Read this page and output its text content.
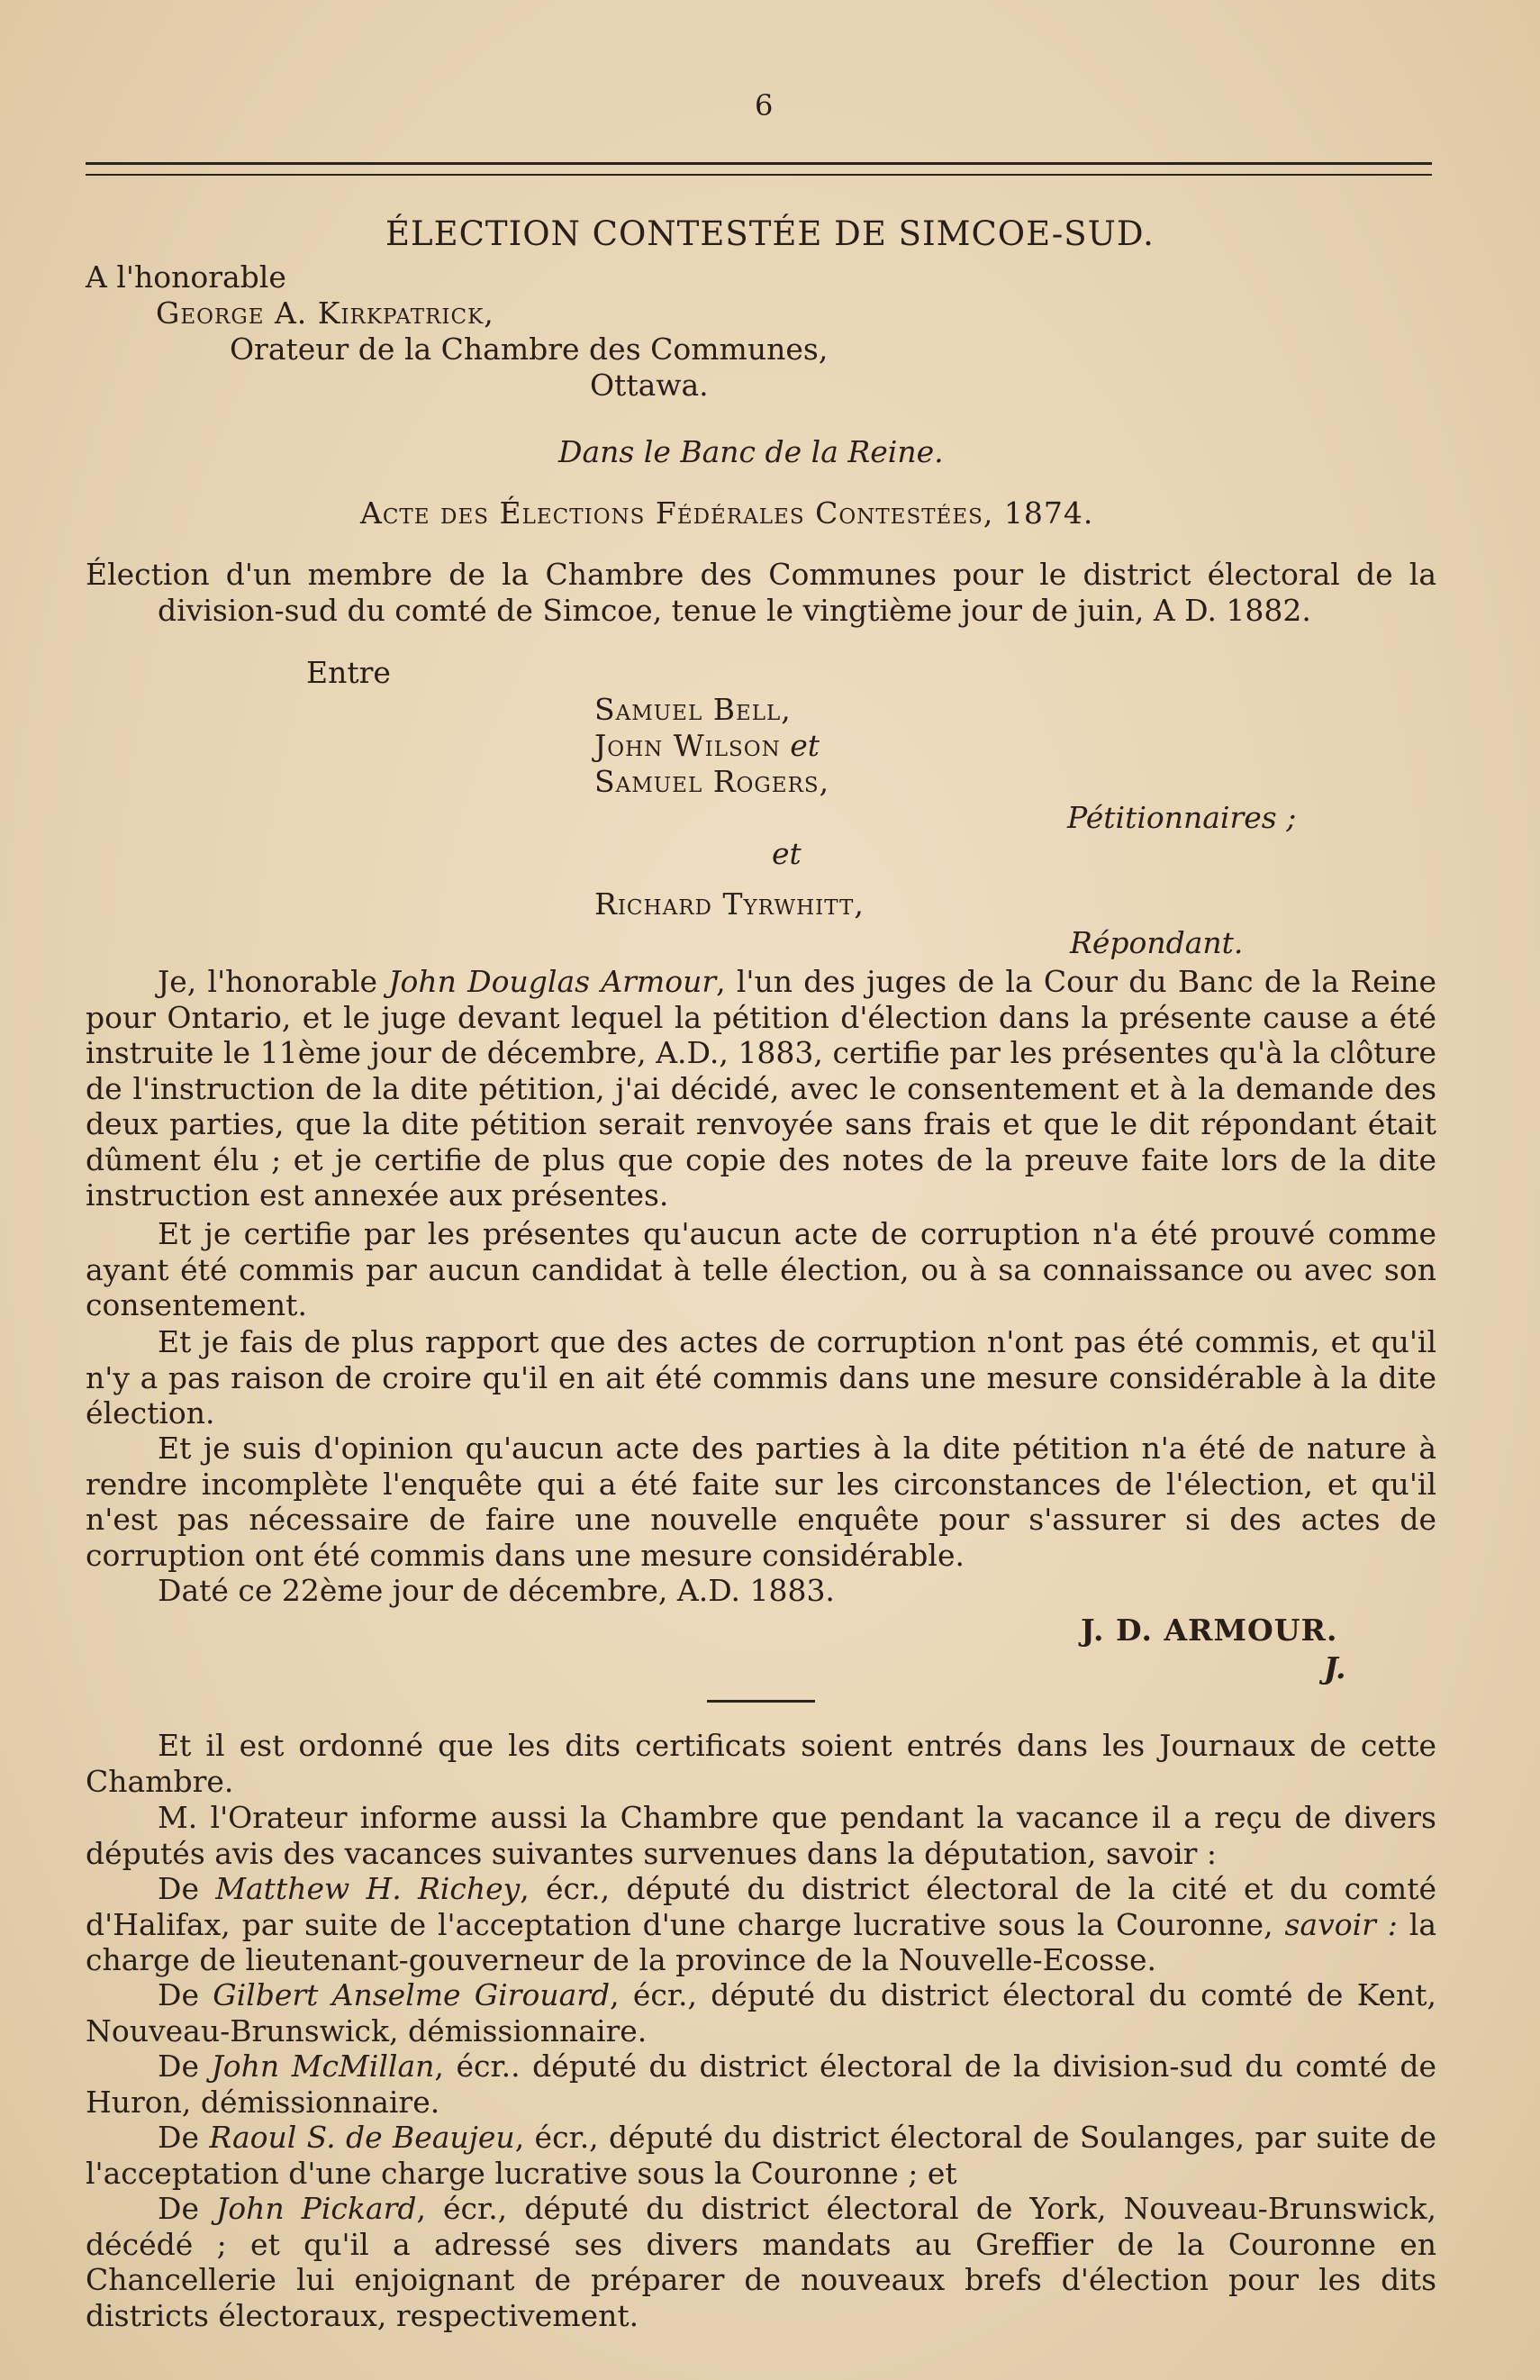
6
ÉLECTION CONTESTÉE DE SIMCOE-SUD.
A l'honorable
George A. Kirkpatrick,
Orateur de la Chambre des Communes,
Ottawa.
Dans le Banc de la Reine.
Acte des Élections Fédérales Contestées, 1874.
Élection d'un membre de la Chambre des Communes pour le district électoral de la division-sud du comté de Simcoe, tenue le vingtième jour de juin, A D. 1882.
Entre
Samuel Bell,
John Wilson et
Samuel Rogers,
Pétitionnaires ;
et
Richard Tyrwhitt,
Répondant.
Je, l'honorable John Douglas Armour, l'un des juges de la Cour du Banc de la Reine pour Ontario, et le juge devant lequel la pétition d'élection dans la présente cause a été instruite le 11ème jour de décembre, A.D., 1883, certifie par les présentes qu'à la clôture de l'instruction de la dite pétition, j'ai décidé, avec le consentement et à la demande des deux parties, que la dite pétition serait renvoyée sans frais et que le dit répondant était dûment élu ; et je certifie de plus que copie des notes de la preuve faite lors de la dite instruction est annexée aux présentes.
Et je certifie par les présentes qu'aucun acte de corruption n'a été prouvé comme ayant été commis par aucun candidat à telle élection, ou à sa connaissance ou avec son consentement.
Et je fais de plus rapport que des actes de corruption n'ont pas été commis, et qu'il n'y a pas raison de croire qu'il en ait été commis dans une mesure considérable à la dite élection.
Et je suis d'opinion qu'aucun acte des parties à la dite pétition n'a été de nature à rendre incomplète l'enquête qui a été faite sur les circonstances de l'élection, et qu'il n'est pas nécessaire de faire une nouvelle enquête pour s'assurer si des actes de corruption ont été commis dans une mesure considérable.
Daté ce 22ème jour de décembre, A.D. 1883.
J. D. ARMOUR.
J.
Et il est ordonné que les dits certificats soient entrés dans les Journaux de cette Chambre.
M. l'Orateur informe aussi la Chambre que pendant la vacance il a reçu de divers députés avis des vacances suivantes survenues dans la députation, savoir :
De Matthew H. Richey, écr., député du district électoral de la cité et du comté d'Halifax, par suite de l'acceptation d'une charge lucrative sous la Couronne, savoir : la charge de lieutenant-gouverneur de la province de la Nouvelle-Ecosse.
De Gilbert Anselme Girouard, écr., député du district électoral du comté de Kent, Nouveau-Brunswick, démissionnaire.
De John McMillan, écr.. député du district électoral de la division-sud du comté de Huron, démissionnaire.
De Raoul S. de Beaujeu, écr., député du district électoral de Soulanges, par suite de l'acceptation d'une charge lucrative sous la Couronne ; et
De John Pickard, écr., député du district électoral de York, Nouveau-Brunswick, décédé ; et qu'il a adressé ses divers mandats au Greffier de la Couronne en Chancellerie lui enjoignant de préparer de nouveaux brefs d'élection pour les dits districts électoraux, respectivement.
